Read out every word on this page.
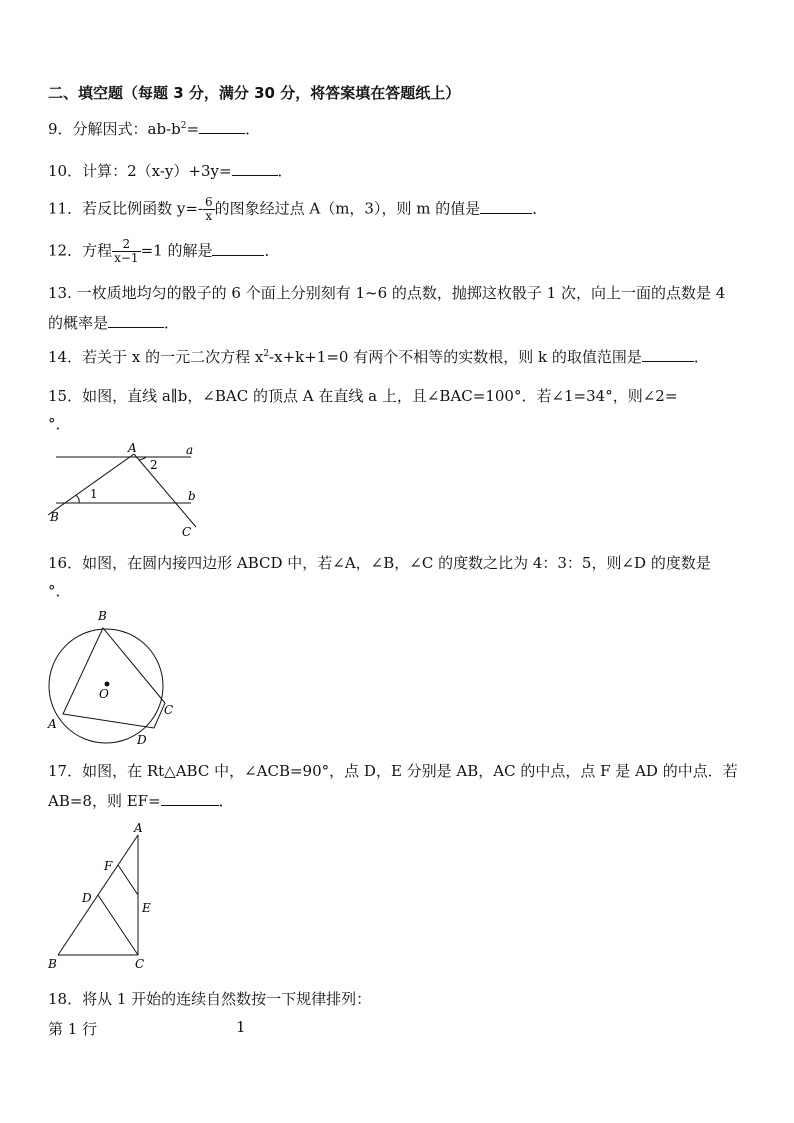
二、填空题（每题 3 分，满分 30 分，将答案填在答题纸上）
9．分解因式：$ab-b^2=$	．
10．计算：2（x-y）+3y=	．
11．若反比例函数 $y=- \frac{6}{x}$ 的图象经过点 A（m，3），则 m 的值是	．
12．方程 $\frac{2}{x-1} =1$ 的解是	．
13. 一枚质地均匀的骰子的 6 个面上分别刻有 1~6 的点数，抛掷这枚骰子 1 次，向上一面的点数是 4
的概率是	．
14．若关于 x 的一元二次方程 $x^2-x+k+1=0$ 有两个不相等的实数根，则 k 的取值范围是	．
15．如图，直线 a∥b，∠BAC 的顶点 A 在直线 a 上，且∠BAC=100°．若∠1=34°，则∠2=
°．
A	a
2
1	b
B
C
16．如图，在圆内接四边形 ABCD 中，若∠A，∠B，∠C 的度数之比为 4：3：5，则∠D 的度数是
°．
B
O
A
C
D
17．如图，在 Rt△ABC 中，∠ACB=90°，点 D，E 分别是 AB，AC 的中点，点 F 是 AD 的中点．若
AB=8，则 EF=	．
A
F
D
E
B	C
18．将从 1 开始的连续自然数按一下规律排列：
第 1 行	1
